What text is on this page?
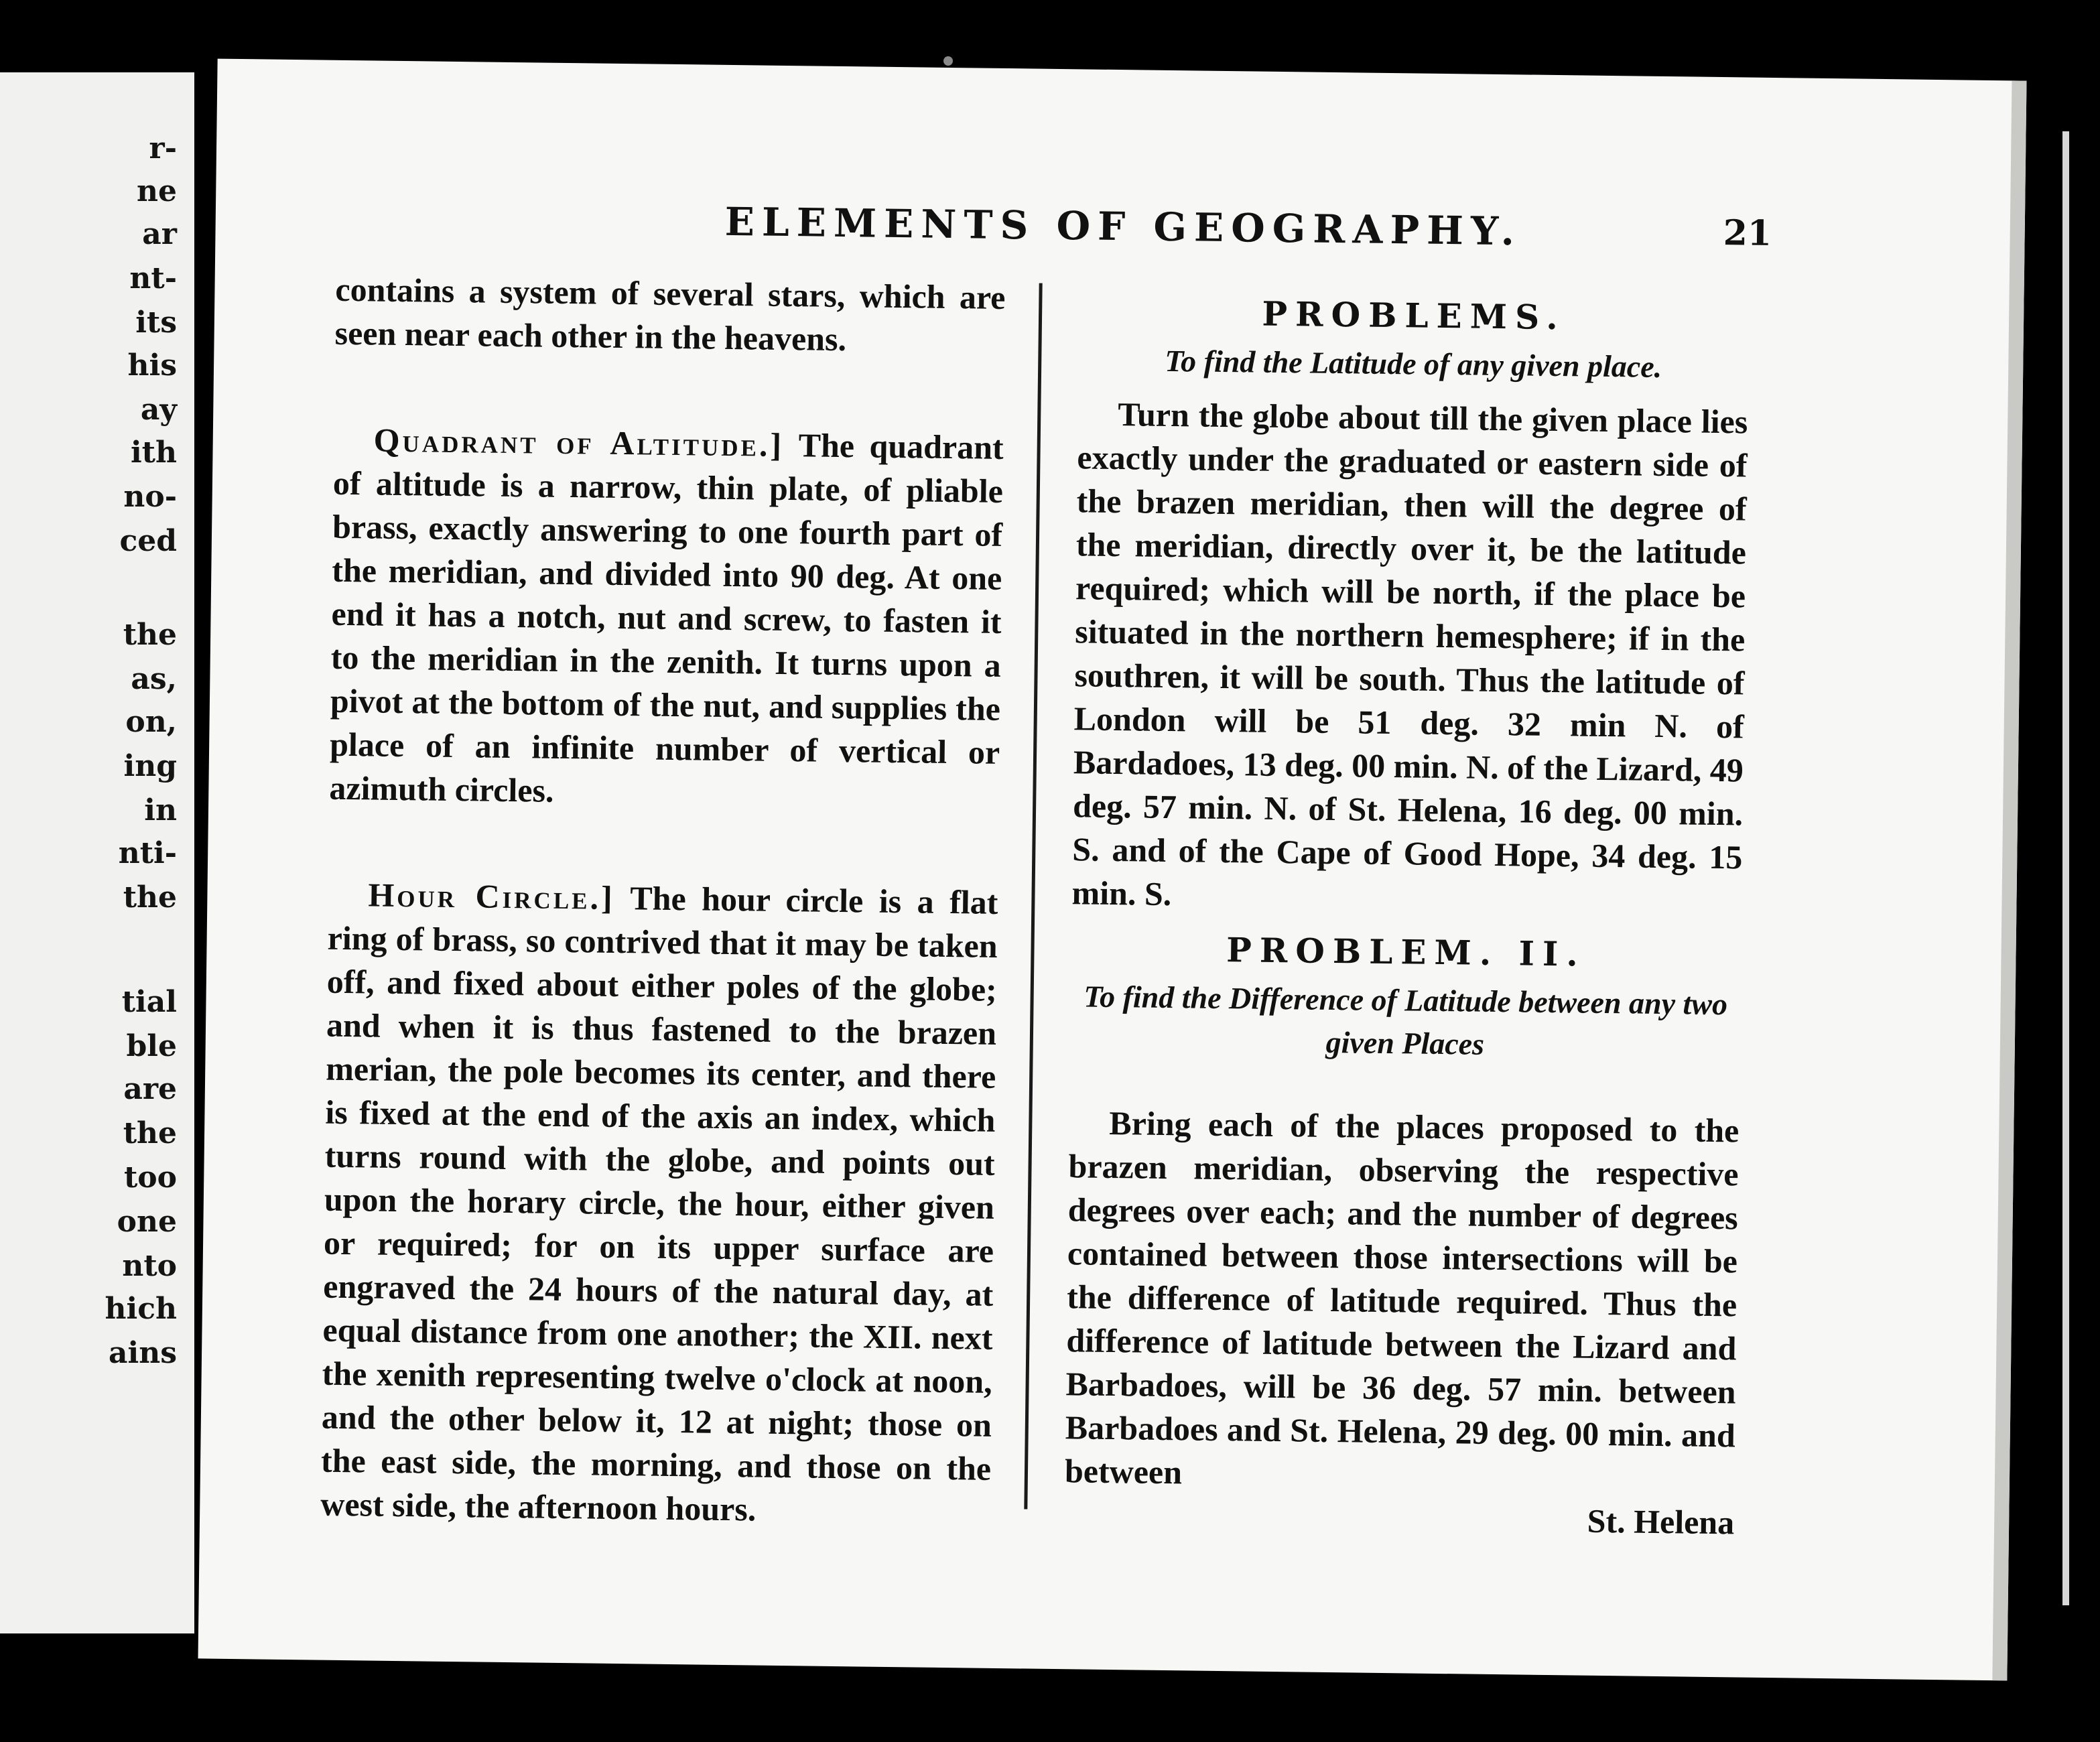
r-
ne
ar
nt-
its
his
ay
ith
no-
ced
the
as,
on,
ing
in
nti-
the
tial
ble
are
the
too
one
nto
hich
ains
ELEMENTS OF GEOGRAPHY.	21

contains a system of several stars, which are seen near each other in the heavens.

Quadrant of Altitude.] The quadrant of altitude is a narrow, thin plate, of pliable brass, exactly answering to one fourth part of the meridian, and divided into 90 deg. At one end it has a notch, nut and screw, to fasten it to the meridian in the zenith. It turns upon a pivot at the bottom of the nut, and supplies the place of an infinite number of vertical or azimuth circles.

Hour Circle.] The hour circle is a flat ring of brass, so contrived that it may be taken off, and fixed about either poles of the globe; and when it is thus fastened to the brazen merian, the pole becomes its center, and there is fixed at the end of the axis an index, which turns round with the globe, and points out upon the horary circle, the hour, either given or required; for on its upper surface are engraved the 24 hours of the natural day, at equal distance from one another; the XII. next the xenith representing twelve o'clock at noon, and the other below it, 12 at night; those on the east side, the morning, and those on the west side, the afternoon hours.

PROBLEMS.

To find the Latitude of any given place.

Turn the globe about till the given place lies exactly under the graduated or eastern side of the brazen meridian, then will the degree of the meridian, directly over it, be the latitude required; which will be north, if the place be situated in the northern hemesphere; if in the southren, it will be south. Thus the latitude of London will be 51 deg. 32 min N. of Bardadoes, 13 deg. 00 min. N. of the Lizard, 49 deg. 57 min. N. of St. Helena, 16 deg. 00 min. S. and of the Cape of Good Hope, 34 deg. 15 min. S.

PROBLEM. II.

To find the Difference of Latitude between any two given Places

Bring each of the places proposed to the brazen meridian, observing the respective degrees over each; and the number of degrees contained between those intersections will be the difference of latitude required. Thus the difference of latitude between the Lizard and Barbadoes, will be 36 deg. 57 min. between Barbadoes and St. Helena, 29 deg. 00 min. and between

St. Helena
